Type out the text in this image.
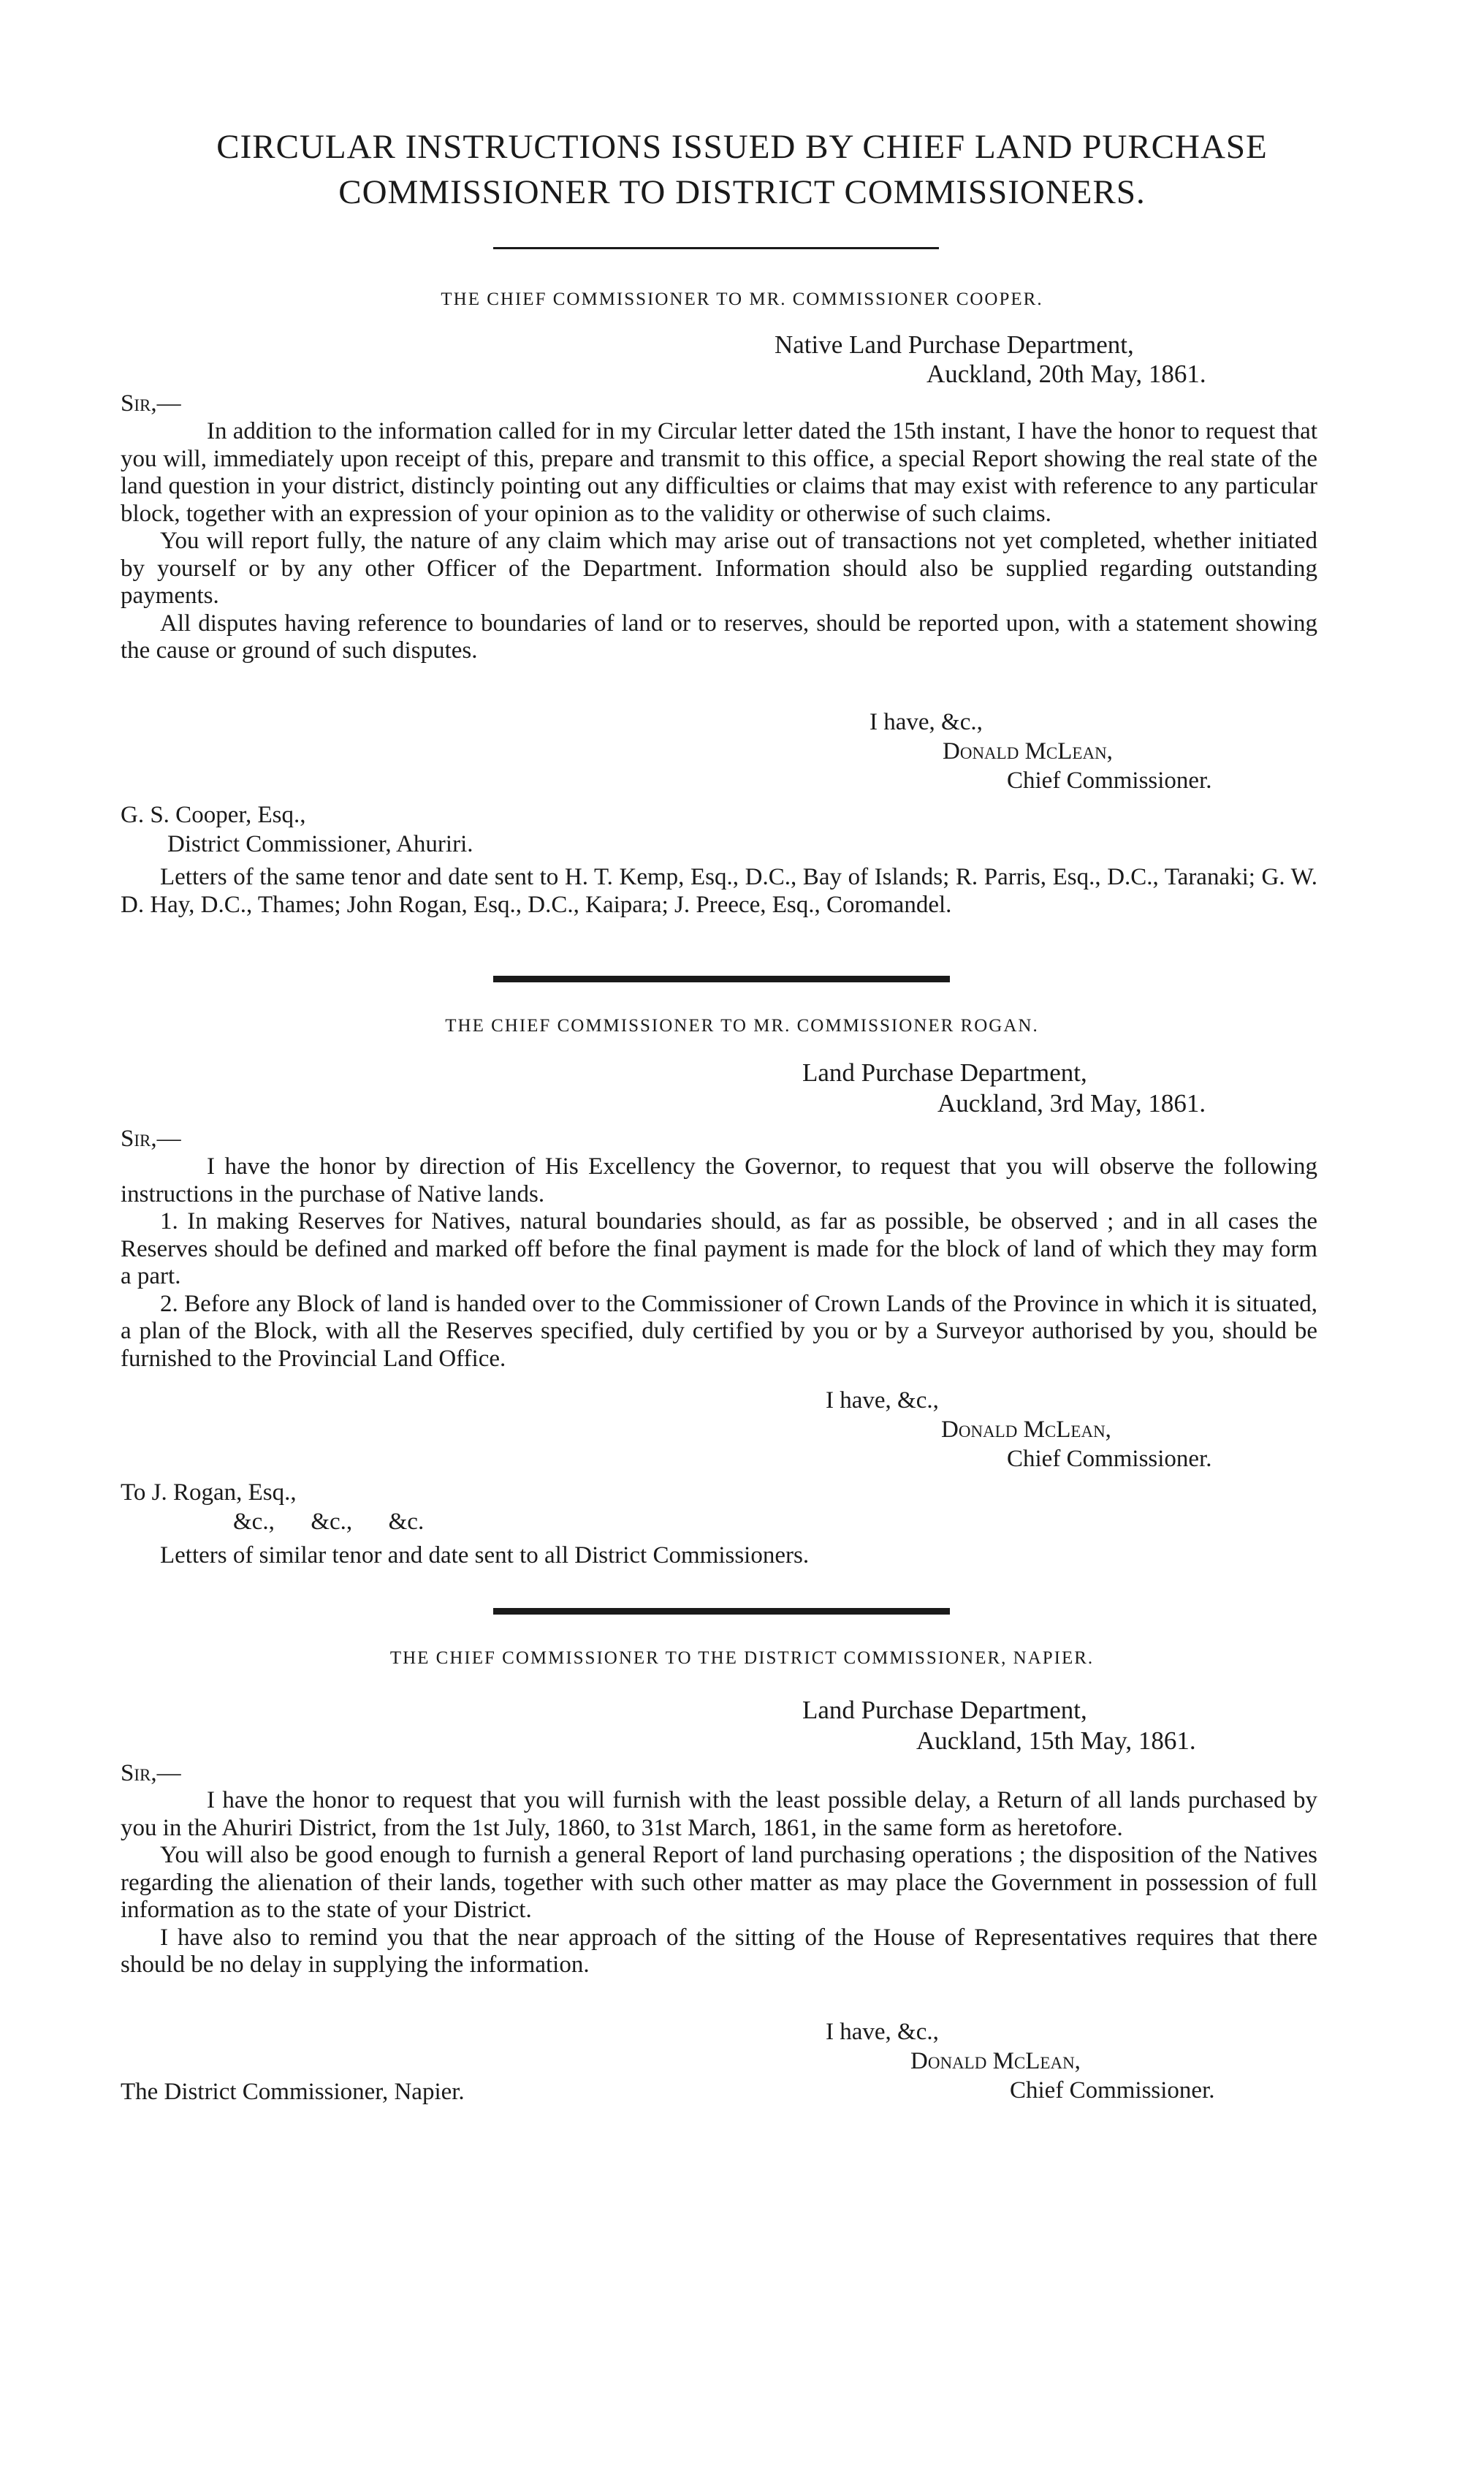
CIRCULAR INSTRUCTIONS ISSUED BY CHIEF LAND PURCHASE
COMMISSIONER TO DISTRICT COMMISSIONERS.
THE CHIEF COMMISSIONER TO MR. COMMISSIONER COOPER.
Native Land Purchase Department,
Auckland, 20th May, 1861.
Sir,—

In addition to the information called for in my Circular letter dated the 15th instant, I have the honor to request that you will, immediately upon receipt of this, prepare and transmit to this office, a special Report showing the real state of the land question in your district, distincly pointing out any difficulties or claims that may exist with reference to any particular block, together with an expression of your opinion as to the validity or otherwise of such claims.

You will report fully, the nature of any claim which may arise out of transactions not yet completed, whether initiated by yourself or by any other Officer of the Department. Information should also be supplied regarding outstanding payments.

All disputes having reference to boundaries of land or to reserves, should be reported upon, with a statement showing the cause or ground of such disputes.

I have, &c.,
Donald McLean,
Chief Commissioner.
G. S. Cooper, Esq.,
District Commissioner, Ahuriri.

Letters of the same tenor and date sent to H. T. Kemp, Esq., D.C., Bay of Islands; R. Parris, Esq., D.C., Taranaki; G. W. D. Hay, D.C., Thames; John Rogan, Esq., D.C., Kaipara; J. Preece, Esq., Coromandel.

THE CHIEF COMMISSIONER TO MR. COMMISSIONER ROGAN.
Land Purchase Department,
Auckland, 3rd May, 1861.
Sir,—

I have the honor by direction of His Excellency the Governor, to request that you will observe the following instructions in the purchase of Native lands.

1. In making Reserves for Natives, natural boundaries should, as far as possible, be observed ; and in all cases the Reserves should be defined and marked off before the final payment is made for the block of land of which they may form a part.

2. Before any Block of land is handed over to the Commissioner of Crown Lands of the Province in which it is situated, a plan of the Block, with all the Reserves specified, duly certified by you or by a Surveyor authorised by you, should be furnished to the Provincial Land Office.

I have, &c.,
Donald McLean,
Chief Commissioner.
To J. Rogan, Esq.,
&c.,      &c.,      &c.

Letters of similar tenor and date sent to all District Commissioners.

THE CHIEF COMMISSIONER TO THE DISTRICT COMMISSIONER, NAPIER.
Land Purchase Department,
Auckland, 15th May, 1861.
Sir,—

I have the honor to request that you will furnish with the least possible delay, a Return of all lands purchased by you in the Ahuriri District, from the 1st July, 1860, to 31st March, 1861, in the same form as heretofore.

You will also be good enough to furnish a general Report of land purchasing operations ; the disposition of the Natives regarding the alienation of their lands, together with such other matter as may place the Government in possession of full information as to the state of your District.

I have also to remind you that the near approach of the sitting of the House of Representatives requires that there should be no delay in supplying the information.

I have, &c.,
Donald McLean,
The District Commissioner, Napier.	Chief Commissioner.
